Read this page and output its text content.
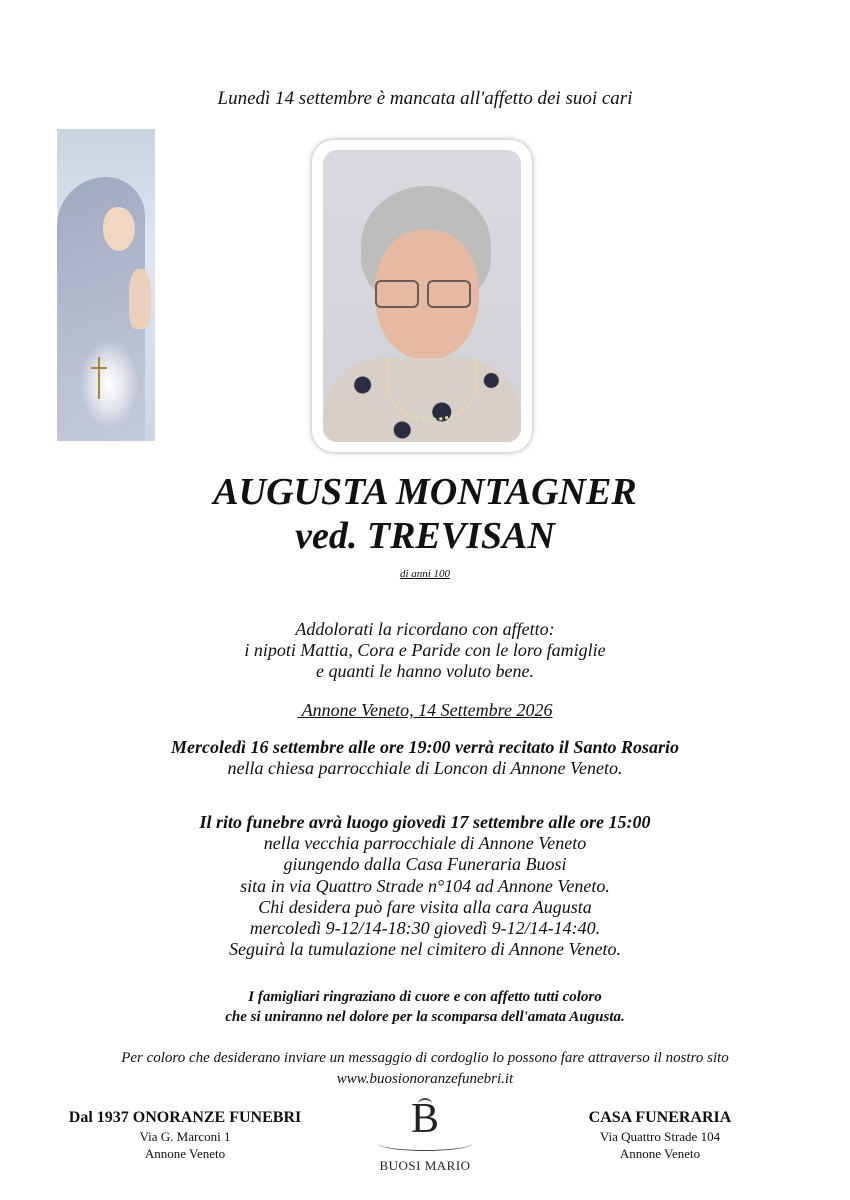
Lunedì 14 settembre è mancata all'affetto dei suoi cari
AUGUSTA MONTAGNER
ved. TREVISAN
di anni 100
Addolorati la ricordano con affetto:
i nipoti Mattia, Cora e Paride con le loro famiglie
e quanti le hanno voluto bene.
Annone Veneto, 14 Settembre 2026
Mercoledì 16 settembre alle ore 19:00 verrà recitato il Santo Rosario
nella chiesa parrocchiale di Loncon di Annone Veneto.
Il rito funebre avrà luogo giovedì 17 settembre alle ore 15:00
nella vecchia parrocchiale di Annone Veneto
giungendo dalla Casa Funeraria Buosi
sita in via Quattro Strade n°104 ad Annone Veneto.
Chi desidera può fare visita alla cara Augusta
mercoledì 9-12/14-18:30 giovedì 9-12/14-14:40.
Seguirà la tumulazione nel cimitero di Annone Veneto.
I famigliari ringraziano di cuore e con affetto tutti coloro
che si uniranno nel dolore per la scomparsa dell'amata Augusta.
Per coloro che desiderano inviare un messaggio di cordoglio lo possono fare attraverso il nostro sito
www.buosionoranzefunebri.it
Dal 1937 ONORANZE FUNEBRI
Via G. Marconi 1
Annone Veneto
B
BUOSI MARIO
CASA FUNERARIA
Via Quattro Strade 104
Annone Veneto
